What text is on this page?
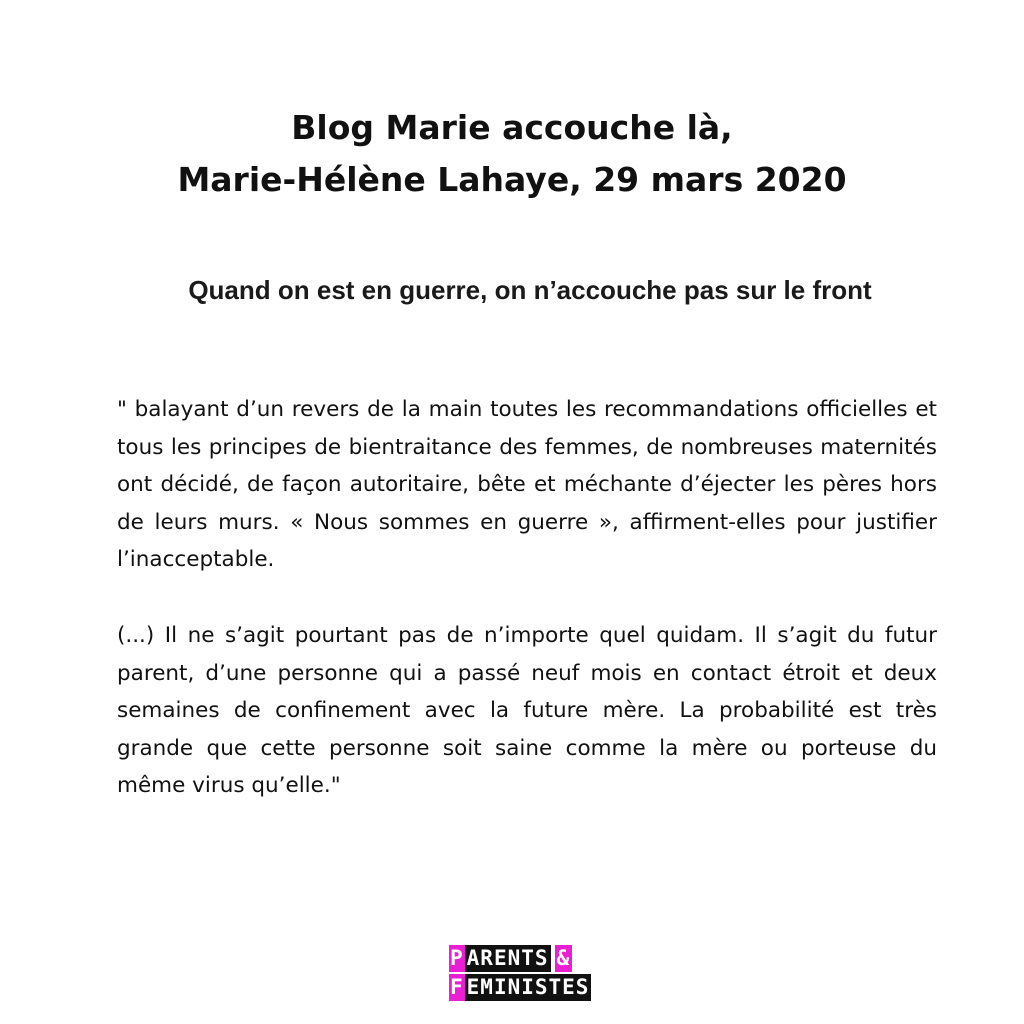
Blog Marie accouche là,
Marie-Hélène Lahaye, 29 mars 2020
Quand on est en guerre, on n’accouche pas sur le front

" balayant d’un revers de la main toutes les recommandations officielles et tous les principes de bientraitance des femmes, de nombreuses maternités ont décidé, de façon autoritaire, bête et méchante d’éjecter les pères hors de leurs murs. « Nous sommes en guerre », affirment-elles pour justifier l’inacceptable.

(...) Il ne s’agit pourtant pas de n’importe quel quidam. Il s’agit du futur parent, d’une personne qui a passé neuf mois en contact étroit et deux semaines de confinement avec la future mère. La probabilité est très grande que cette personne soit saine comme la mère ou porteuse du même virus qu’elle."

P ARENTS &
F EMINISTES
